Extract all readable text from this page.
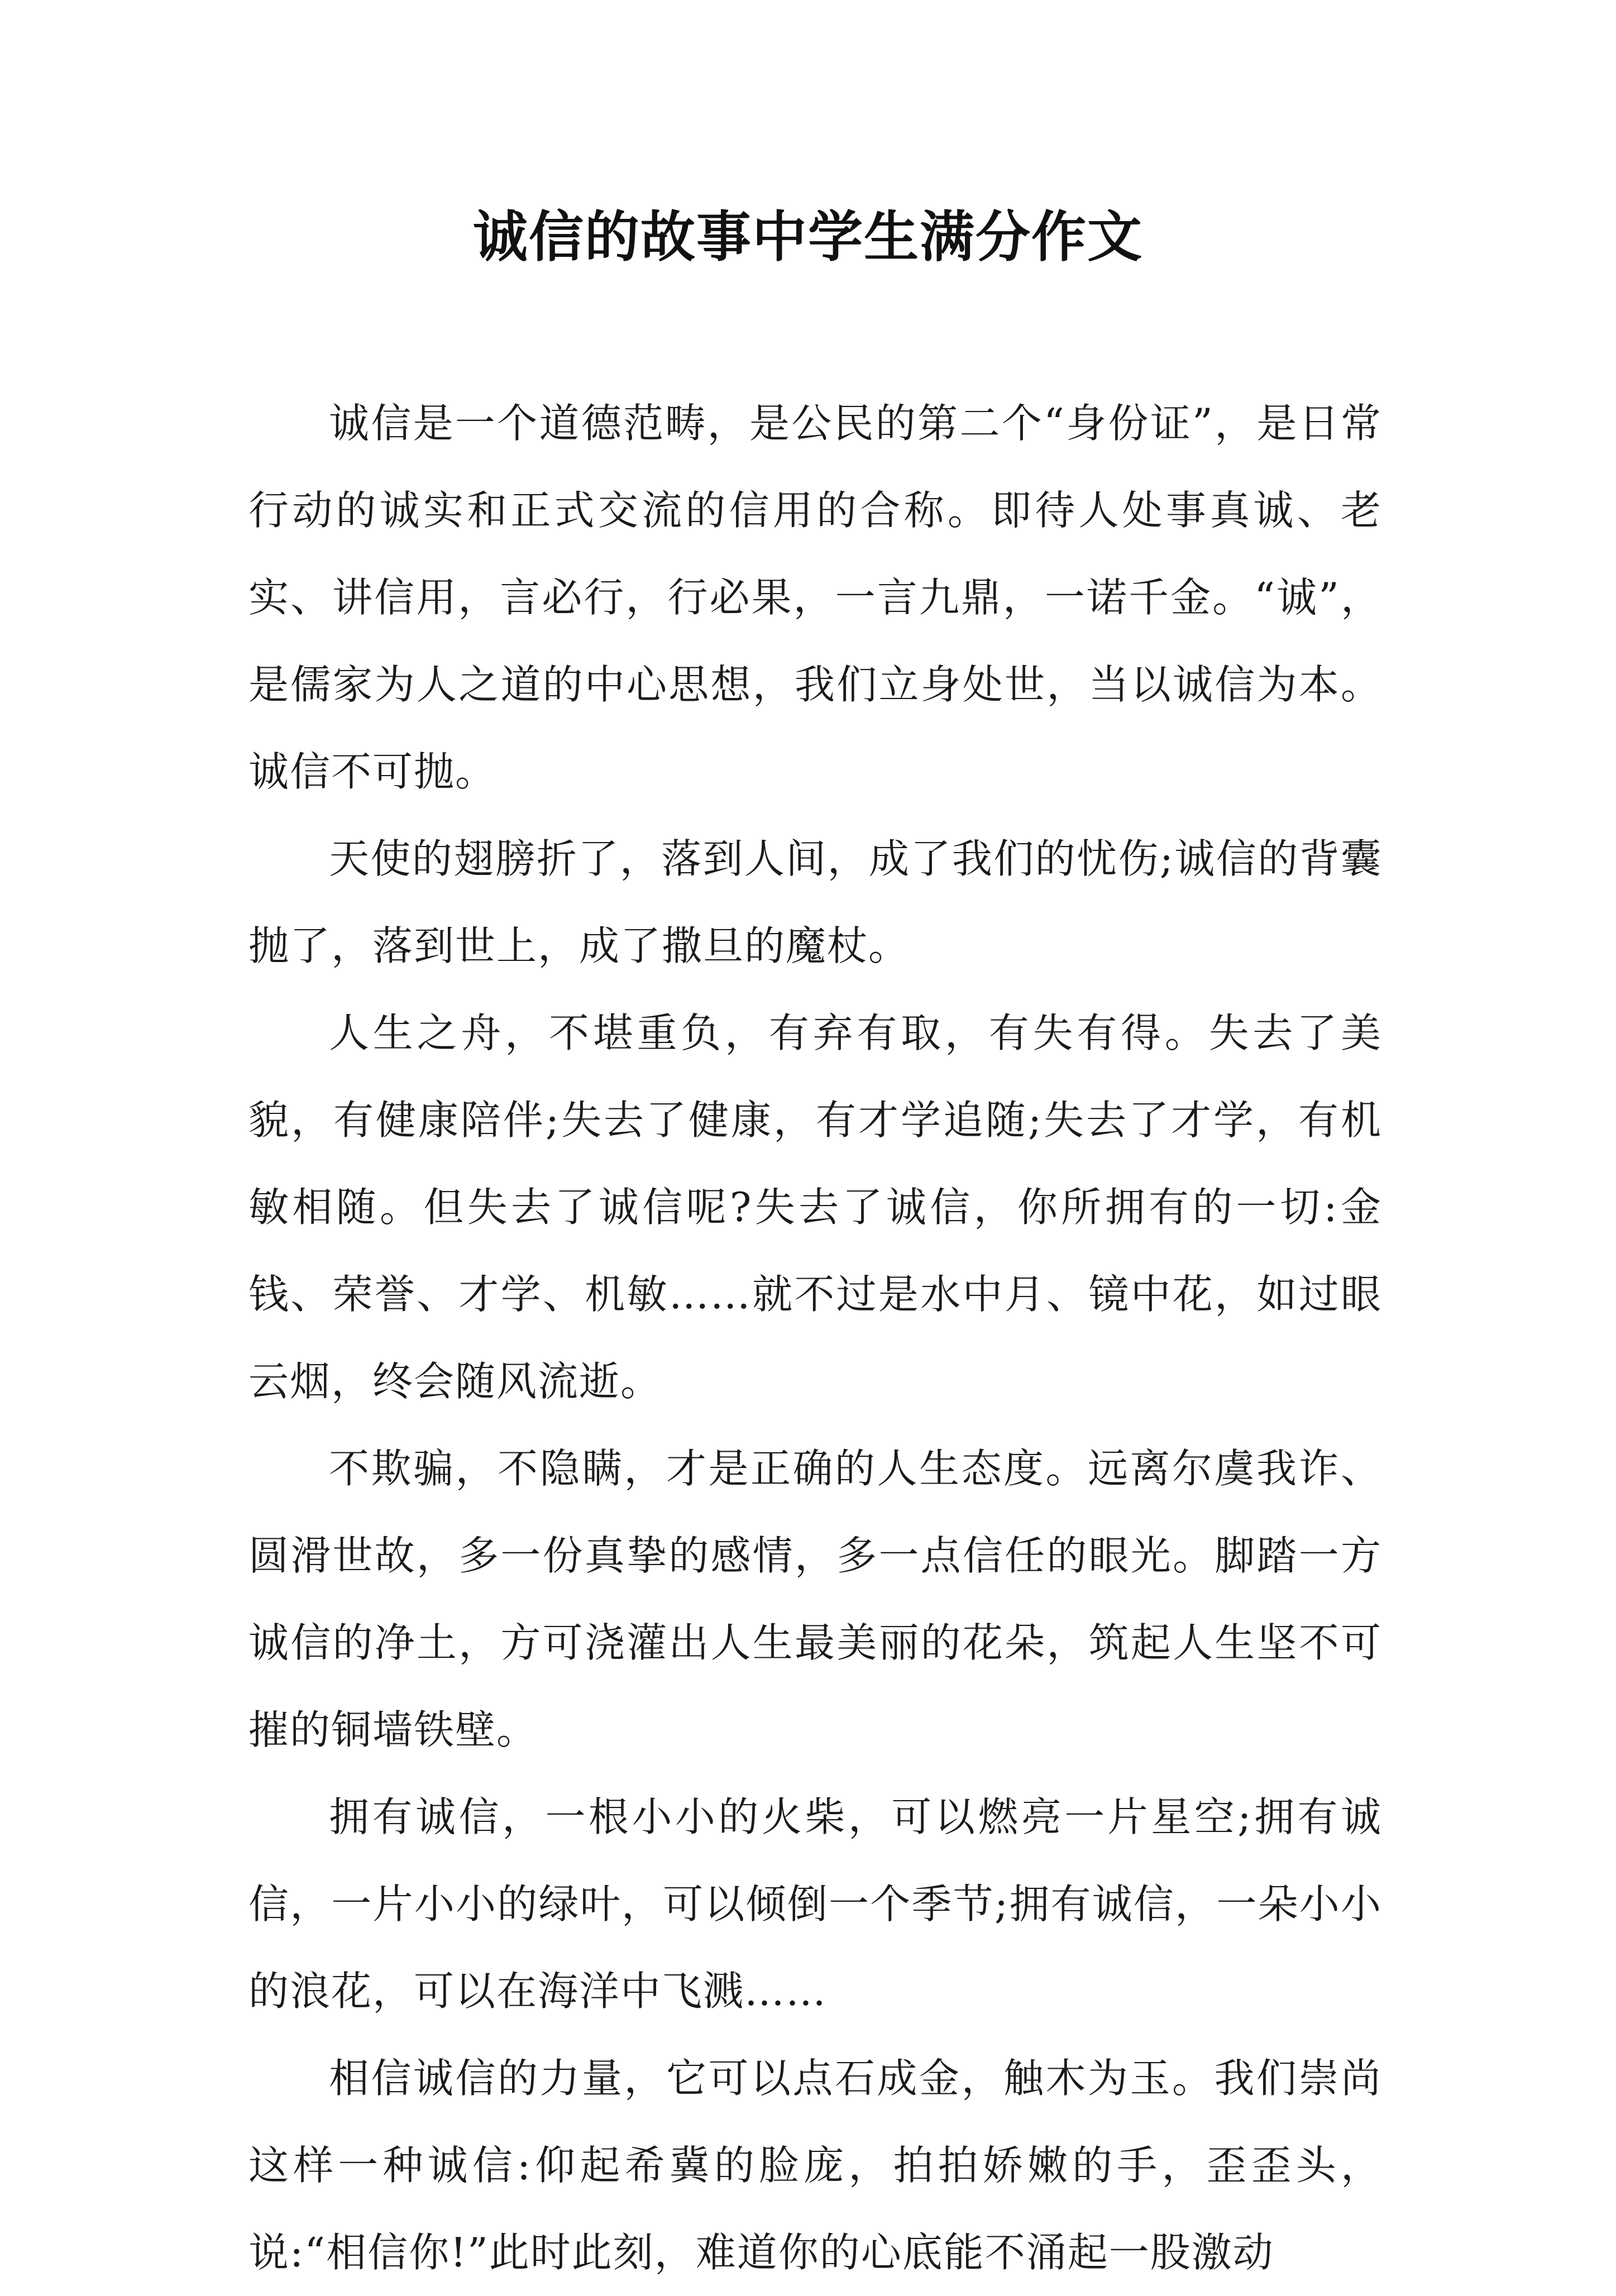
诚信的故事中学生满分作文

诚信是一个道德范畴，是公民的第二个“身份证”，是日常行动的诚实和正式交流的信用的合称。即待人处事真诚、老实、讲信用，言必行，行必果，一言九鼎，一诺千金。“诚”，是儒家为人之道的中心思想，我们立身处世，当以诚信为本。诚信不可抛。

天使的翅膀折了，落到人间，成了我们的忧伤;诚信的背囊抛了，落到世上，成了撒旦的魔杖。

人生之舟，不堪重负，有弃有取，有失有得。失去了美貌，有健康陪伴;失去了健康，有才学追随;失去了才学，有机敏相随。但失去了诚信呢?失去了诚信，你所拥有的一切:金钱、荣誉、才学、机敏……就不过是水中月、镜中花，如过眼云烟，终会随风流逝。

不欺骗，不隐瞒，才是正确的人生态度。远离尔虞我诈、圆滑世故，多一份真挚的感情，多一点信任的眼光。脚踏一方诚信的净土，方可浇灌出人生最美丽的花朵，筑起人生坚不可摧的铜墙铁壁。

拥有诚信，一根小小的火柴，可以燃亮一片星空;拥有诚信，一片小小的绿叶，可以倾倒一个季节;拥有诚信，一朵小小的浪花，可以在海洋中飞溅……

相信诚信的力量，它可以点石成金，触木为玉。我们崇尚这样一种诚信:仰起希冀的脸庞，拍拍娇嫩的手，歪歪头，说:“相信你!”此时此刻，难道你的心底能不涌起一股激动
